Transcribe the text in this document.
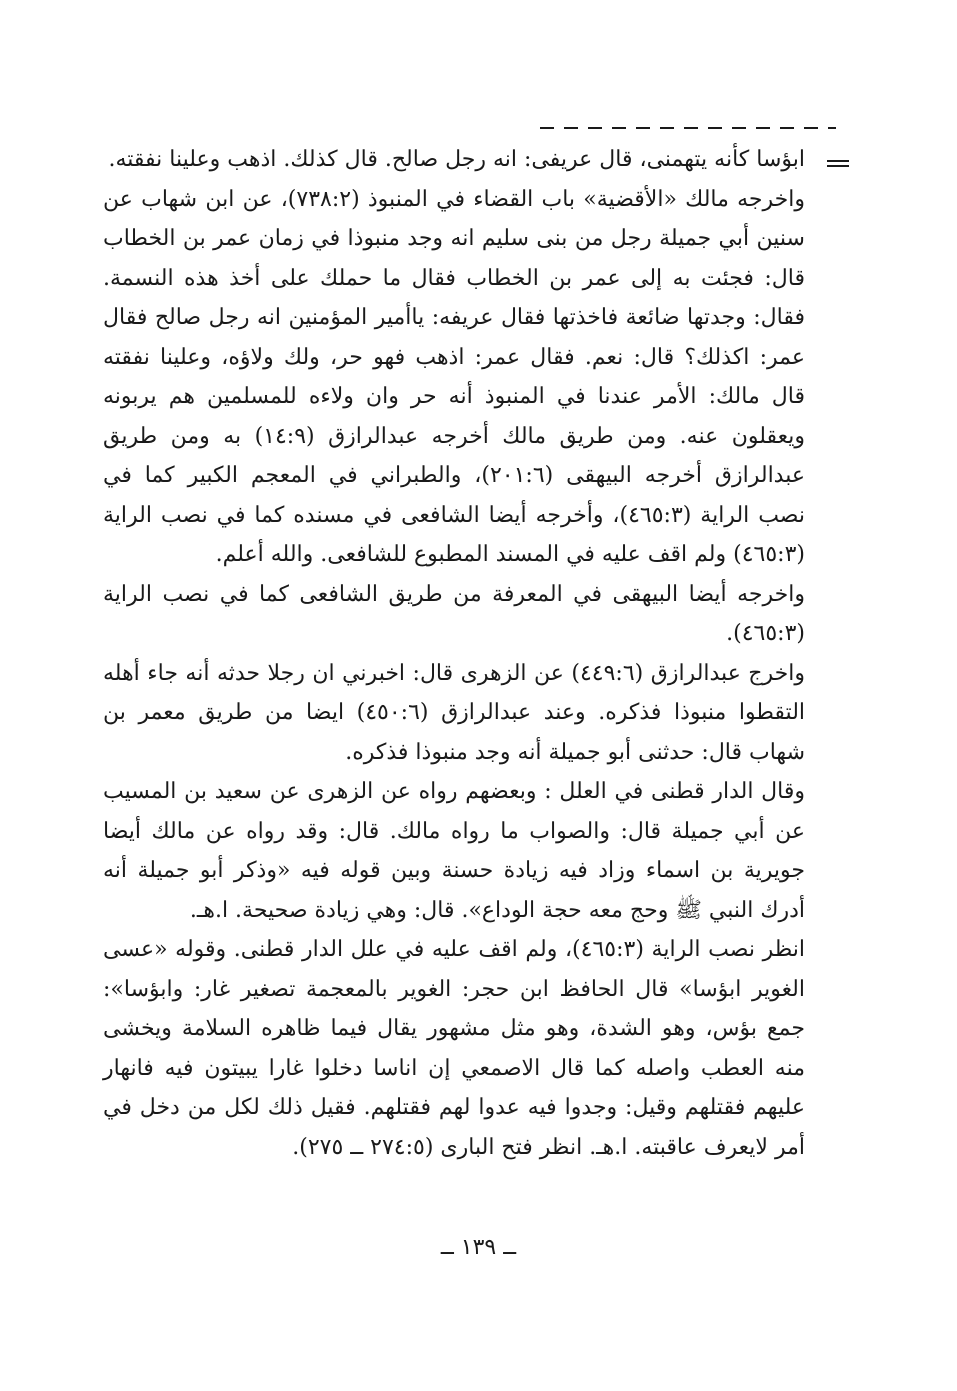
ابؤسا كأنه يتهمنى، قال عريفى: انه رجل صالح. قال كذلك. اذهب وعلينا نفقته.

واخرجه مالك «الأقضية» باب القضاء في المنبوذ (٧٣٨:٢)، عن ابن شهاب عن سنين أبي جميلة رجل من بنى سليم انه وجد منبوذا في زمان عمر بن الخطاب قال: فجئت به إلى عمر بن الخطاب فقال ما حملك على أخذ هذه النسمة. فقال: وجدتها ضائعة فاخذتها فقال عريفه: ياأمير المؤمنين انه رجل صالح فقال عمر: اكذلك؟ قال: نعم. فقال عمر: اذهب فهو حر، ولك ولاؤه، وعلينا نفقته قال مالك: الأمر عندنا في المنبوذ أنه حر وان ولاءه للمسلمين هم يربونه ويعقلون عنه. ومن طريق مالك أخرجه عبدالرازق (١٤:٩) به ومن طريق عبدالرازق أخرجه البيهقى (٢٠١:٦)، والطبراني في المعجم الكبير كما في نصب الراية (٤٦٥:٣)، وأخرجه أيضا الشافعى في مسنده كما في نصب الراية (٤٦٥:٣) ولم اقف عليه في المسند المطبوع للشافعى. والله أعلم.

واخرجه أيضا البيهقى في المعرفة من طريق الشافعى كما في نصب الراية (٤٦٥:٣).

واخرج عبدالرازق (٤٤٩:٦) عن الزهرى قال: اخبرني ان رجلا حدثه أنه جاء أهله التقطوا منبوذا فذكره. وعند عبدالرازق (٤٥٠:٦) ايضا من طريق معمر بن شهاب قال: حدثنى أبو جميلة أنه وجد منبوذا فذكره.

وقال الدار قطنى في العلل : وبعضهم رواه عن الزهرى عن سعيد بن المسيب عن أبي جميلة قال: والصواب ما رواه مالك. قال: وقد رواه عن مالك أيضا جويرية بن اسماء وزاد فيه زيادة حسنة وبين قوله فيه «وذكر أبو جميلة أنه أدرك النبي ﷺ وحج معه حجة الوداع». قال: وهي زيادة صحيحة. ا.هـ.

انظر نصب الراية (٤٦٥:٣)، ولم اقف عليه في علل الدار قطنى. وقوله «عسى الغوير ابؤسا» قال الحافظ ابن حجر: الغوير بالمعجمة تصغير غار: وابؤسا»: جمع بؤس، وهو الشدة، وهو مثل مشهور يقال فيما ظاهره السلامة ويخشى منه العطب واصله كما قال الاصمعي إن اناسا دخلوا غارا يبيتون فيه فانهار عليهم فقتلهم وقيل: وجدوا فيه عدوا لهم فقتلهم. فقيل ذلك لكل من دخل في أمر لايعرف عاقبته. ا.هـ. انظر فتح البارى (٢٧٤:٥ ــ ٢٧٥).

ــ ١٣٩ ــ
